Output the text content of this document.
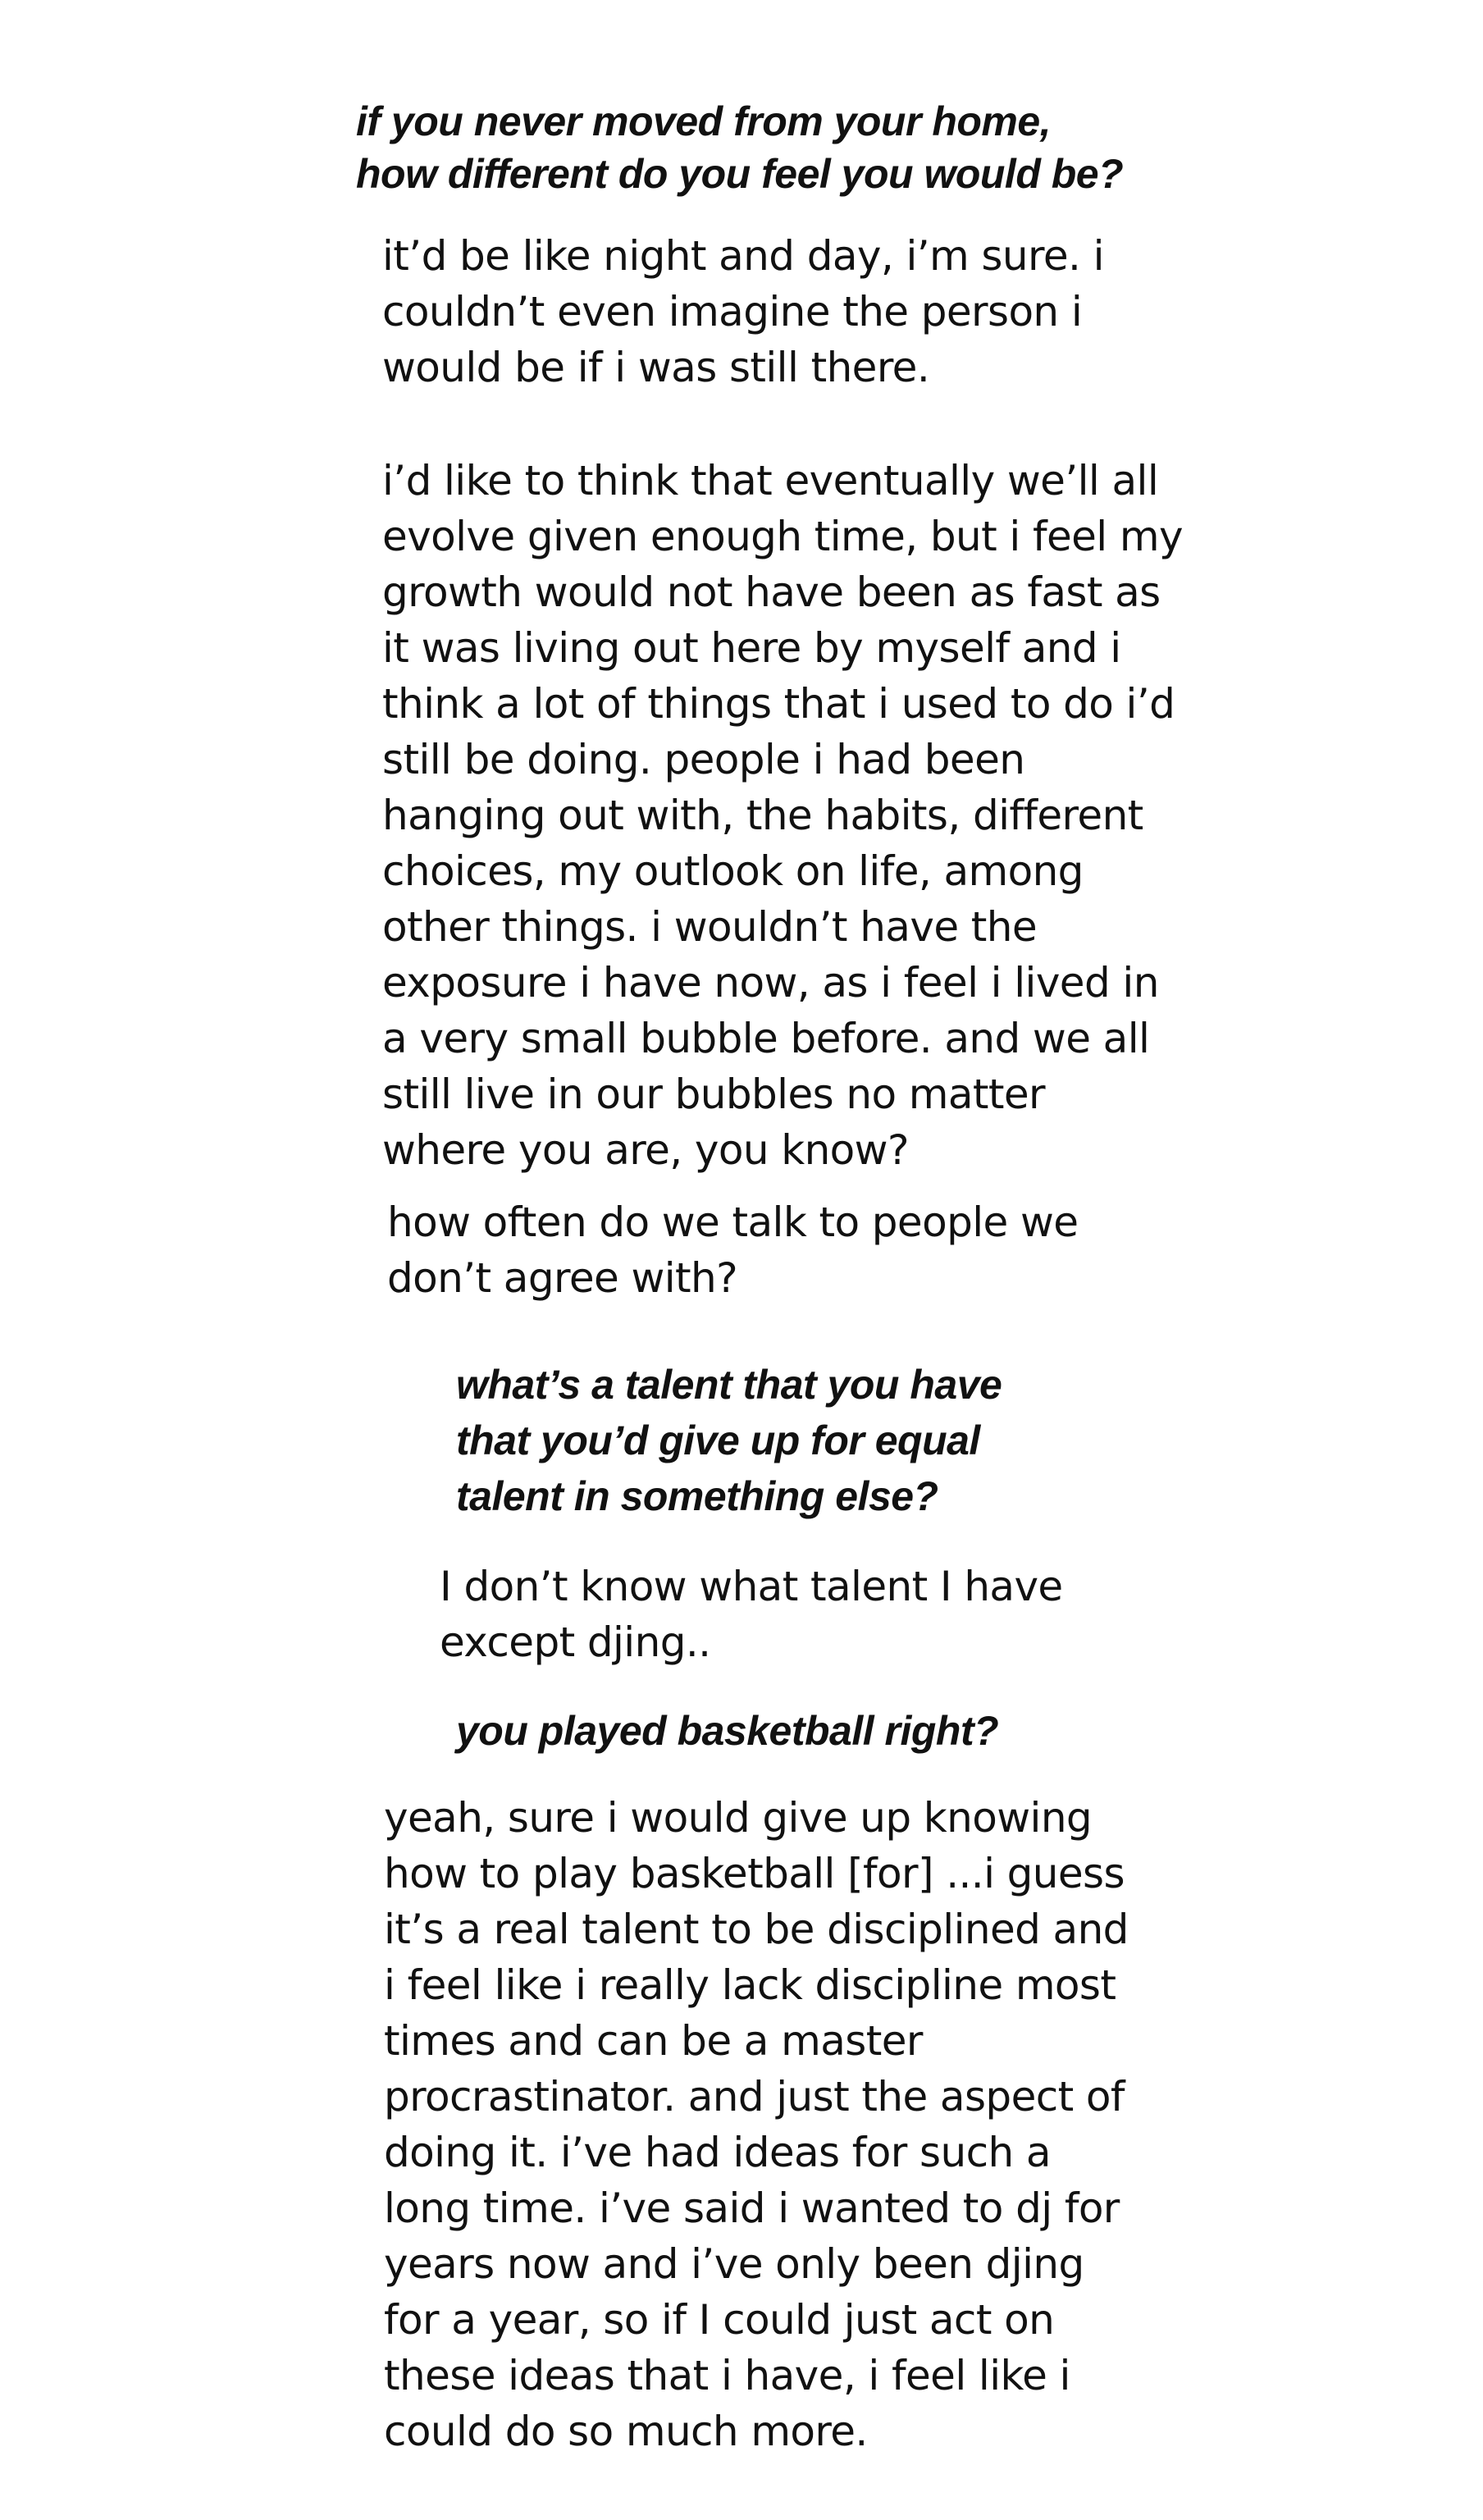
if you never moved from your home,
how different do you feel you would be?
it’d be like night and day, i’m sure. i
couldn’t even imagine the person i
would be if i was still there.
i’d like to think that eventually we’ll all
evolve given enough time, but i feel my
growth would not have been as fast as
it was living out here by myself and i
think a lot of things that i used to do i’d
still be doing. people i had been
hanging out with, the habits, different
choices, my outlook on life, among
other things. i wouldn’t have the
exposure i have now, as i feel i lived in
a very small bubble before. and we all
still live in our bubbles no matter
where you are, you know?
how often do we talk to people we
don’t agree with?
what’s a talent that you have
that you’d give up for equal
talent in something else?
I don’t know what talent I have
except djing..
you played basketball right?
yeah, sure i would give up knowing
how to play basketball [for] ...i guess
it’s a real talent to be disciplined and
i feel like i really lack discipline most
times and can be a master
procrastinator. and just the aspect of
doing it. i’ve had ideas for such a
long time. i’ve said i wanted to dj for
years now and i’ve only been djing
for a year, so if I could just act on
these ideas that i have, i feel like i
could do so much more.
